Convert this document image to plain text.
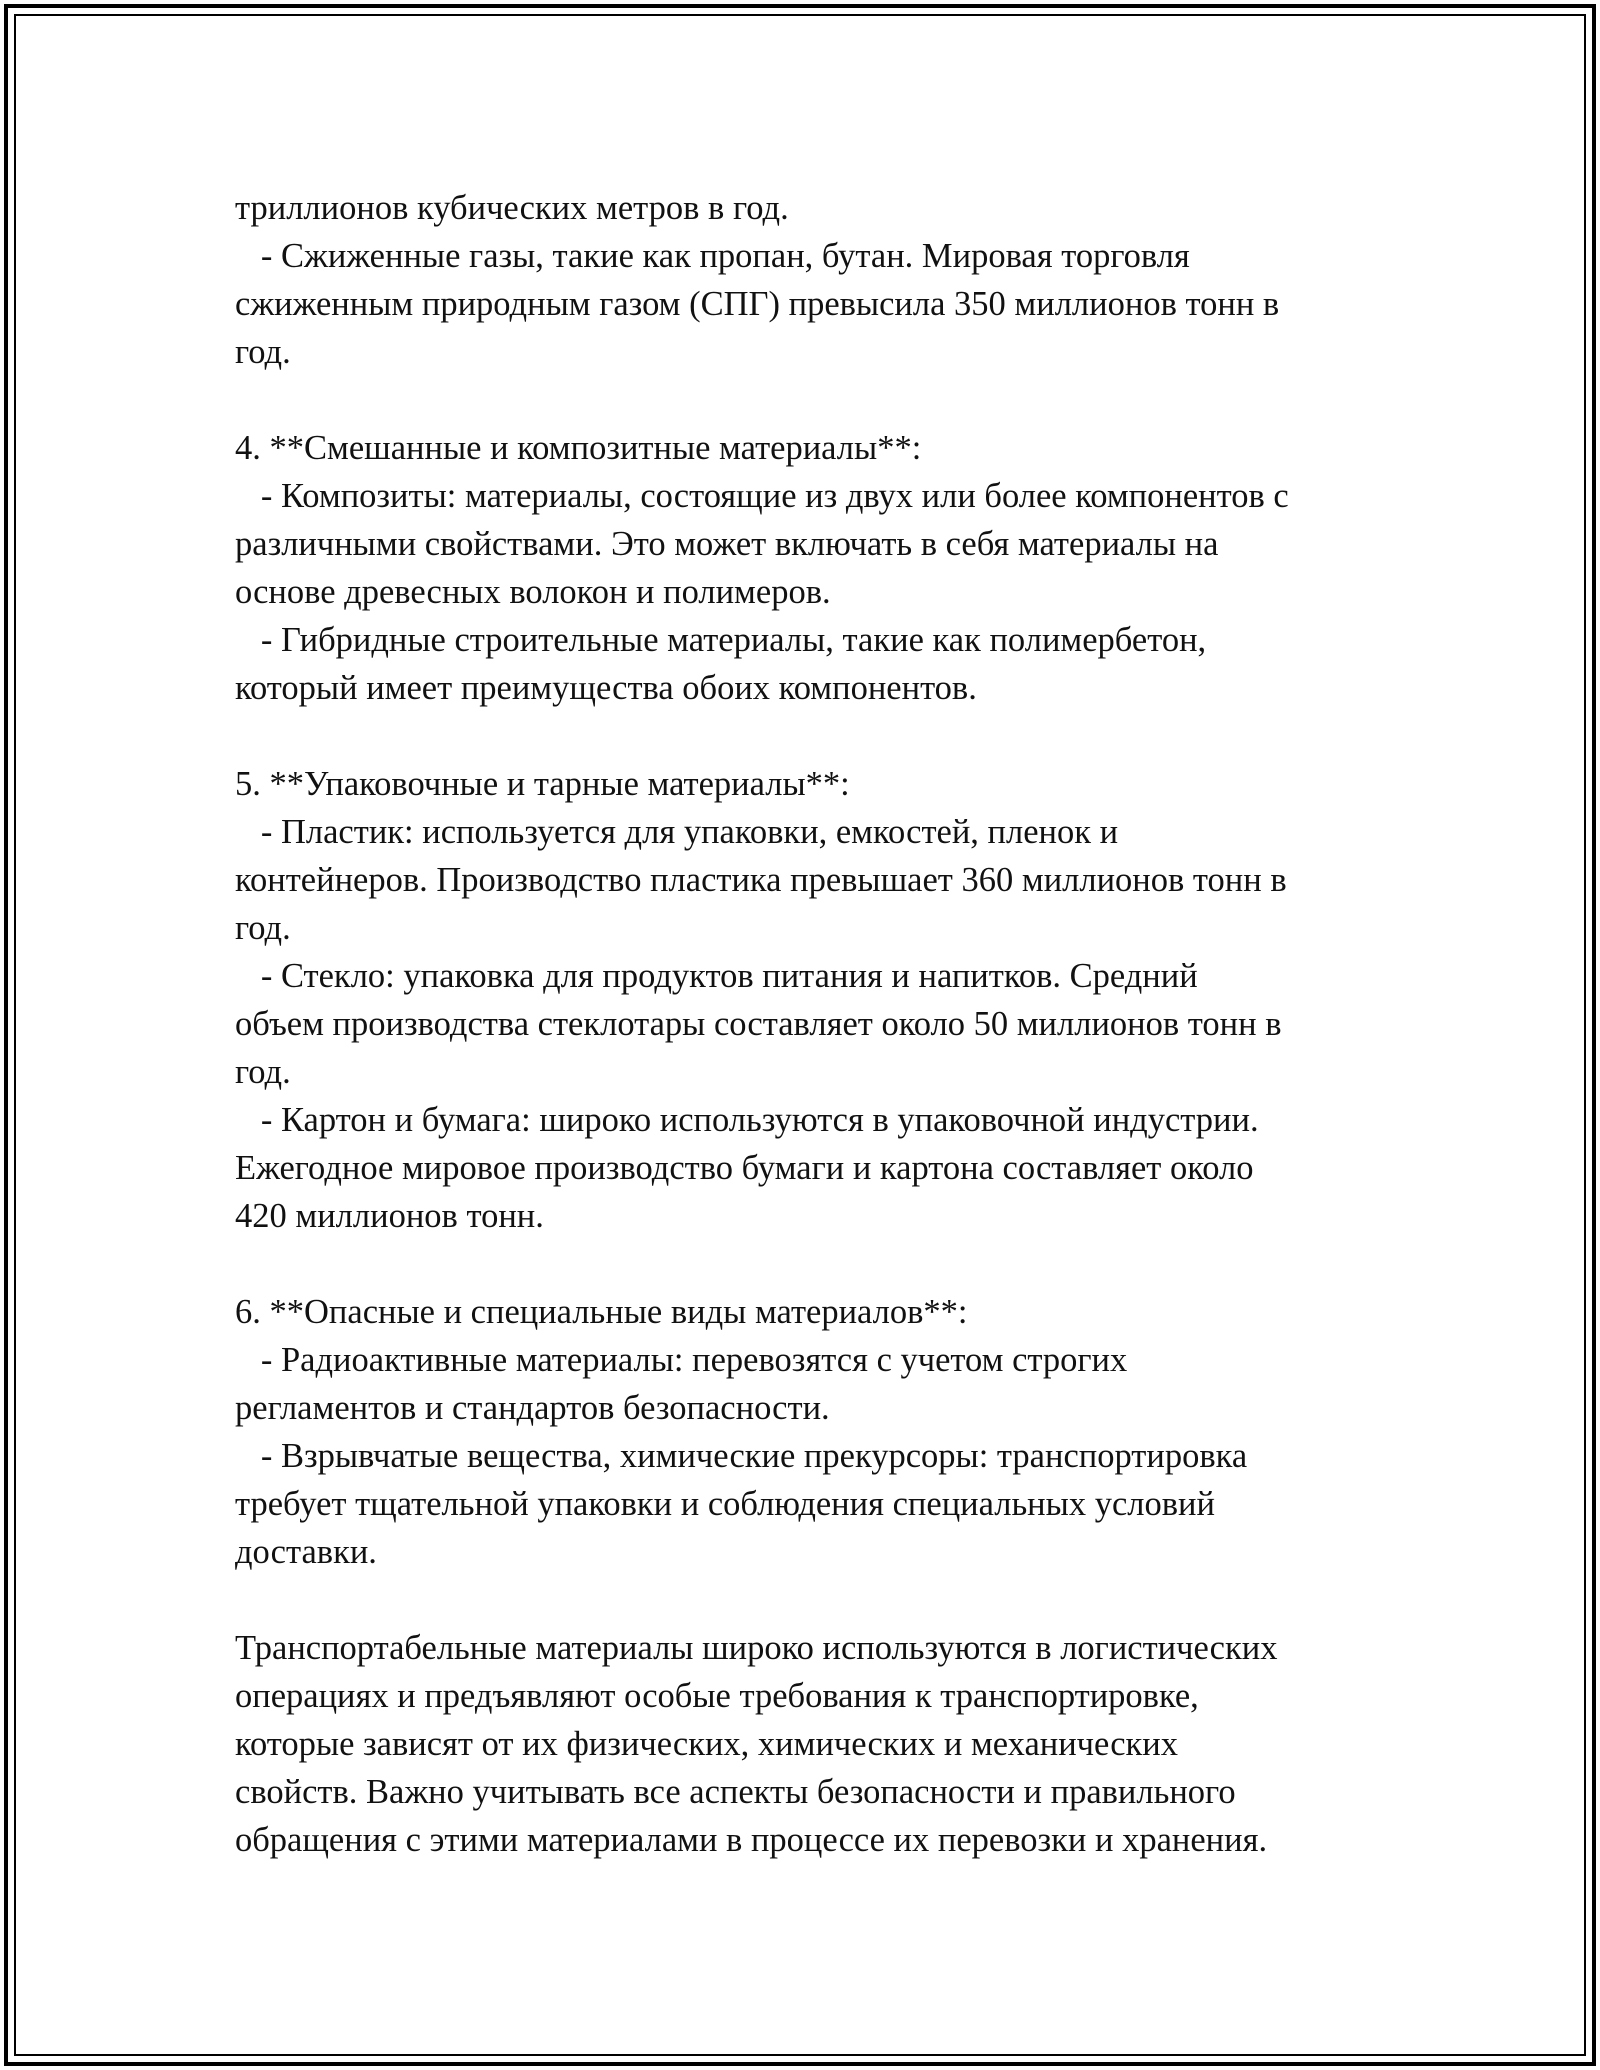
триллионов кубических метров в год.
- Сжиженные газы, такие как пропан, бутан. Мировая торговля
сжиженным природным газом (СПГ) превысила 350 миллионов тонн в
год.
4. **Смешанные и композитные материалы**:
- Композиты: материалы, состоящие из двух или более компонентов с
различными свойствами. Это может включать в себя материалы на
основе древесных волокон и полимеров.
- Гибридные строительные материалы, такие как полимербетон,
который имеет преимущества обоих компонентов.
5. **Упаковочные и тарные материалы**:
- Пластик: используется для упаковки, емкостей, пленок и
контейнеров. Производство пластика превышает 360 миллионов тонн в
год.
- Стекло: упаковка для продуктов питания и напитков. Средний
объем производства стеклотары составляет около 50 миллионов тонн в
год.
- Картон и бумага: широко используются в упаковочной индустрии.
Ежегодное мировое производство бумаги и картона составляет около
420 миллионов тонн.
6. **Опасные и специальные виды материалов**:
- Радиоактивные материалы: перевозятся с учетом строгих
регламентов и стандартов безопасности.
- Взрывчатые вещества, химические прекурсоры: транспортировка
требует тщательной упаковки и соблюдения специальных условий
доставки.
Транспортабельные материалы широко используются в логистических
операциях и предъявляют особые требования к транспортировке,
которые зависят от их физических, химических и механических
свойств. Важно учитывать все аспекты безопасности и правильного
обращения с этими материалами в процессе их перевозки и хранения.
